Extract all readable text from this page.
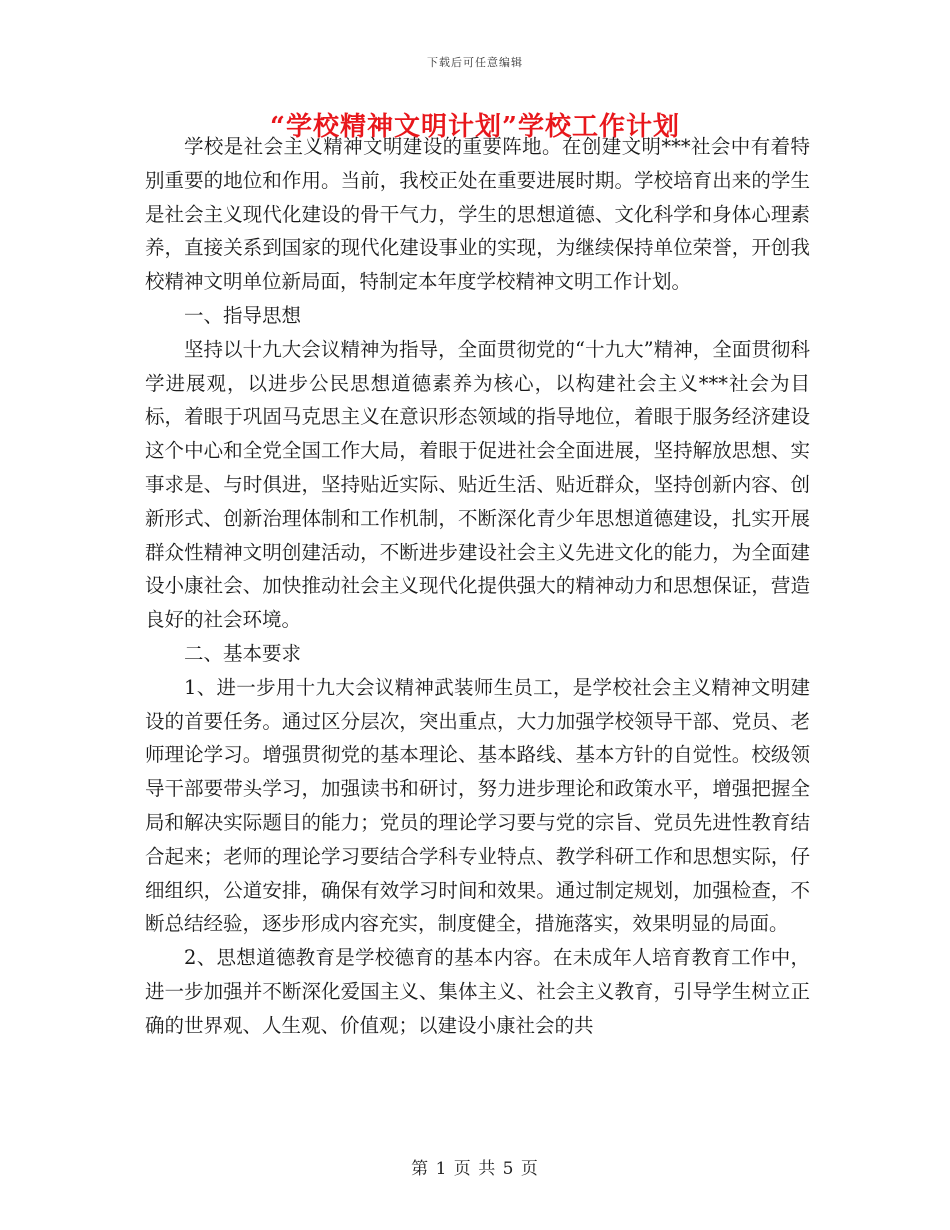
下载后可任意编辑
“学校精神文明计划”学校工作计划

学校是社会主义精神文明建设的重要阵地。在创建文明***社会中有着特别重要的地位和作用。当前，我校正处在重要进展时期。学校培育出来的学生是社会主义现代化建设的骨干气力，学生的思想道德、文化科学和身体心理素养，直接关系到国家的现代化建设事业的实现，为继续保持单位荣誉，开创我校精神文明单位新局面，特制定本年度学校精神文明工作计划。

一、指导思想

坚持以十九大会议精神为指导，全面贯彻党的“十九大”精神，全面贯彻科学进展观，以进步公民思想道德素养为核心，以构建社会主义***社会为目标，着眼于巩固马克思主义在意识形态领域的指导地位，着眼于服务经济建设这个中心和全党全国工作大局，着眼于促进社会全面进展，坚持解放思想、实事求是、与时俱进，坚持贴近实际、贴近生活、贴近群众，坚持创新内容、创新形式、创新治理体制和工作机制，不断深化青少年思想道德建设，扎实开展群众性精神文明创建活动，不断进步建设社会主义先进文化的能力，为全面建设小康社会、加快推动社会主义现代化提供强大的精神动力和思想保证，营造良好的社会环境。

二、基本要求

1、进一步用十九大会议精神武装师生员工，是学校社会主义精神文明建设的首要任务。通过区分层次，突出重点，大力加强学校领导干部、党员、老师理论学习。增强贯彻党的基本理论、基本路线、基本方针的自觉性。校级领导干部要带头学习，加强读书和研讨，努力进步理论和政策水平，增强把握全局和解决实际题目的能力；党员的理论学习要与党的宗旨、党员先进性教育结合起来；老师的理论学习要结合学科专业特点、教学科研工作和思想实际，仔细组织，公道安排，确保有效学习时间和效果。通过制定规划，加强检查，不断总结经验，逐步形成内容充实，制度健全，措施落实，效果明显的局面。

2、思想道德教育是学校德育的基本内容。在未成年人培育教育工作中，进一步加强并不断深化爱国主义、集体主义、社会主义教育，引导学生树立正确的世界观、人生观、价值观；以建设小康社会的共

第 1 页 共 5 页
